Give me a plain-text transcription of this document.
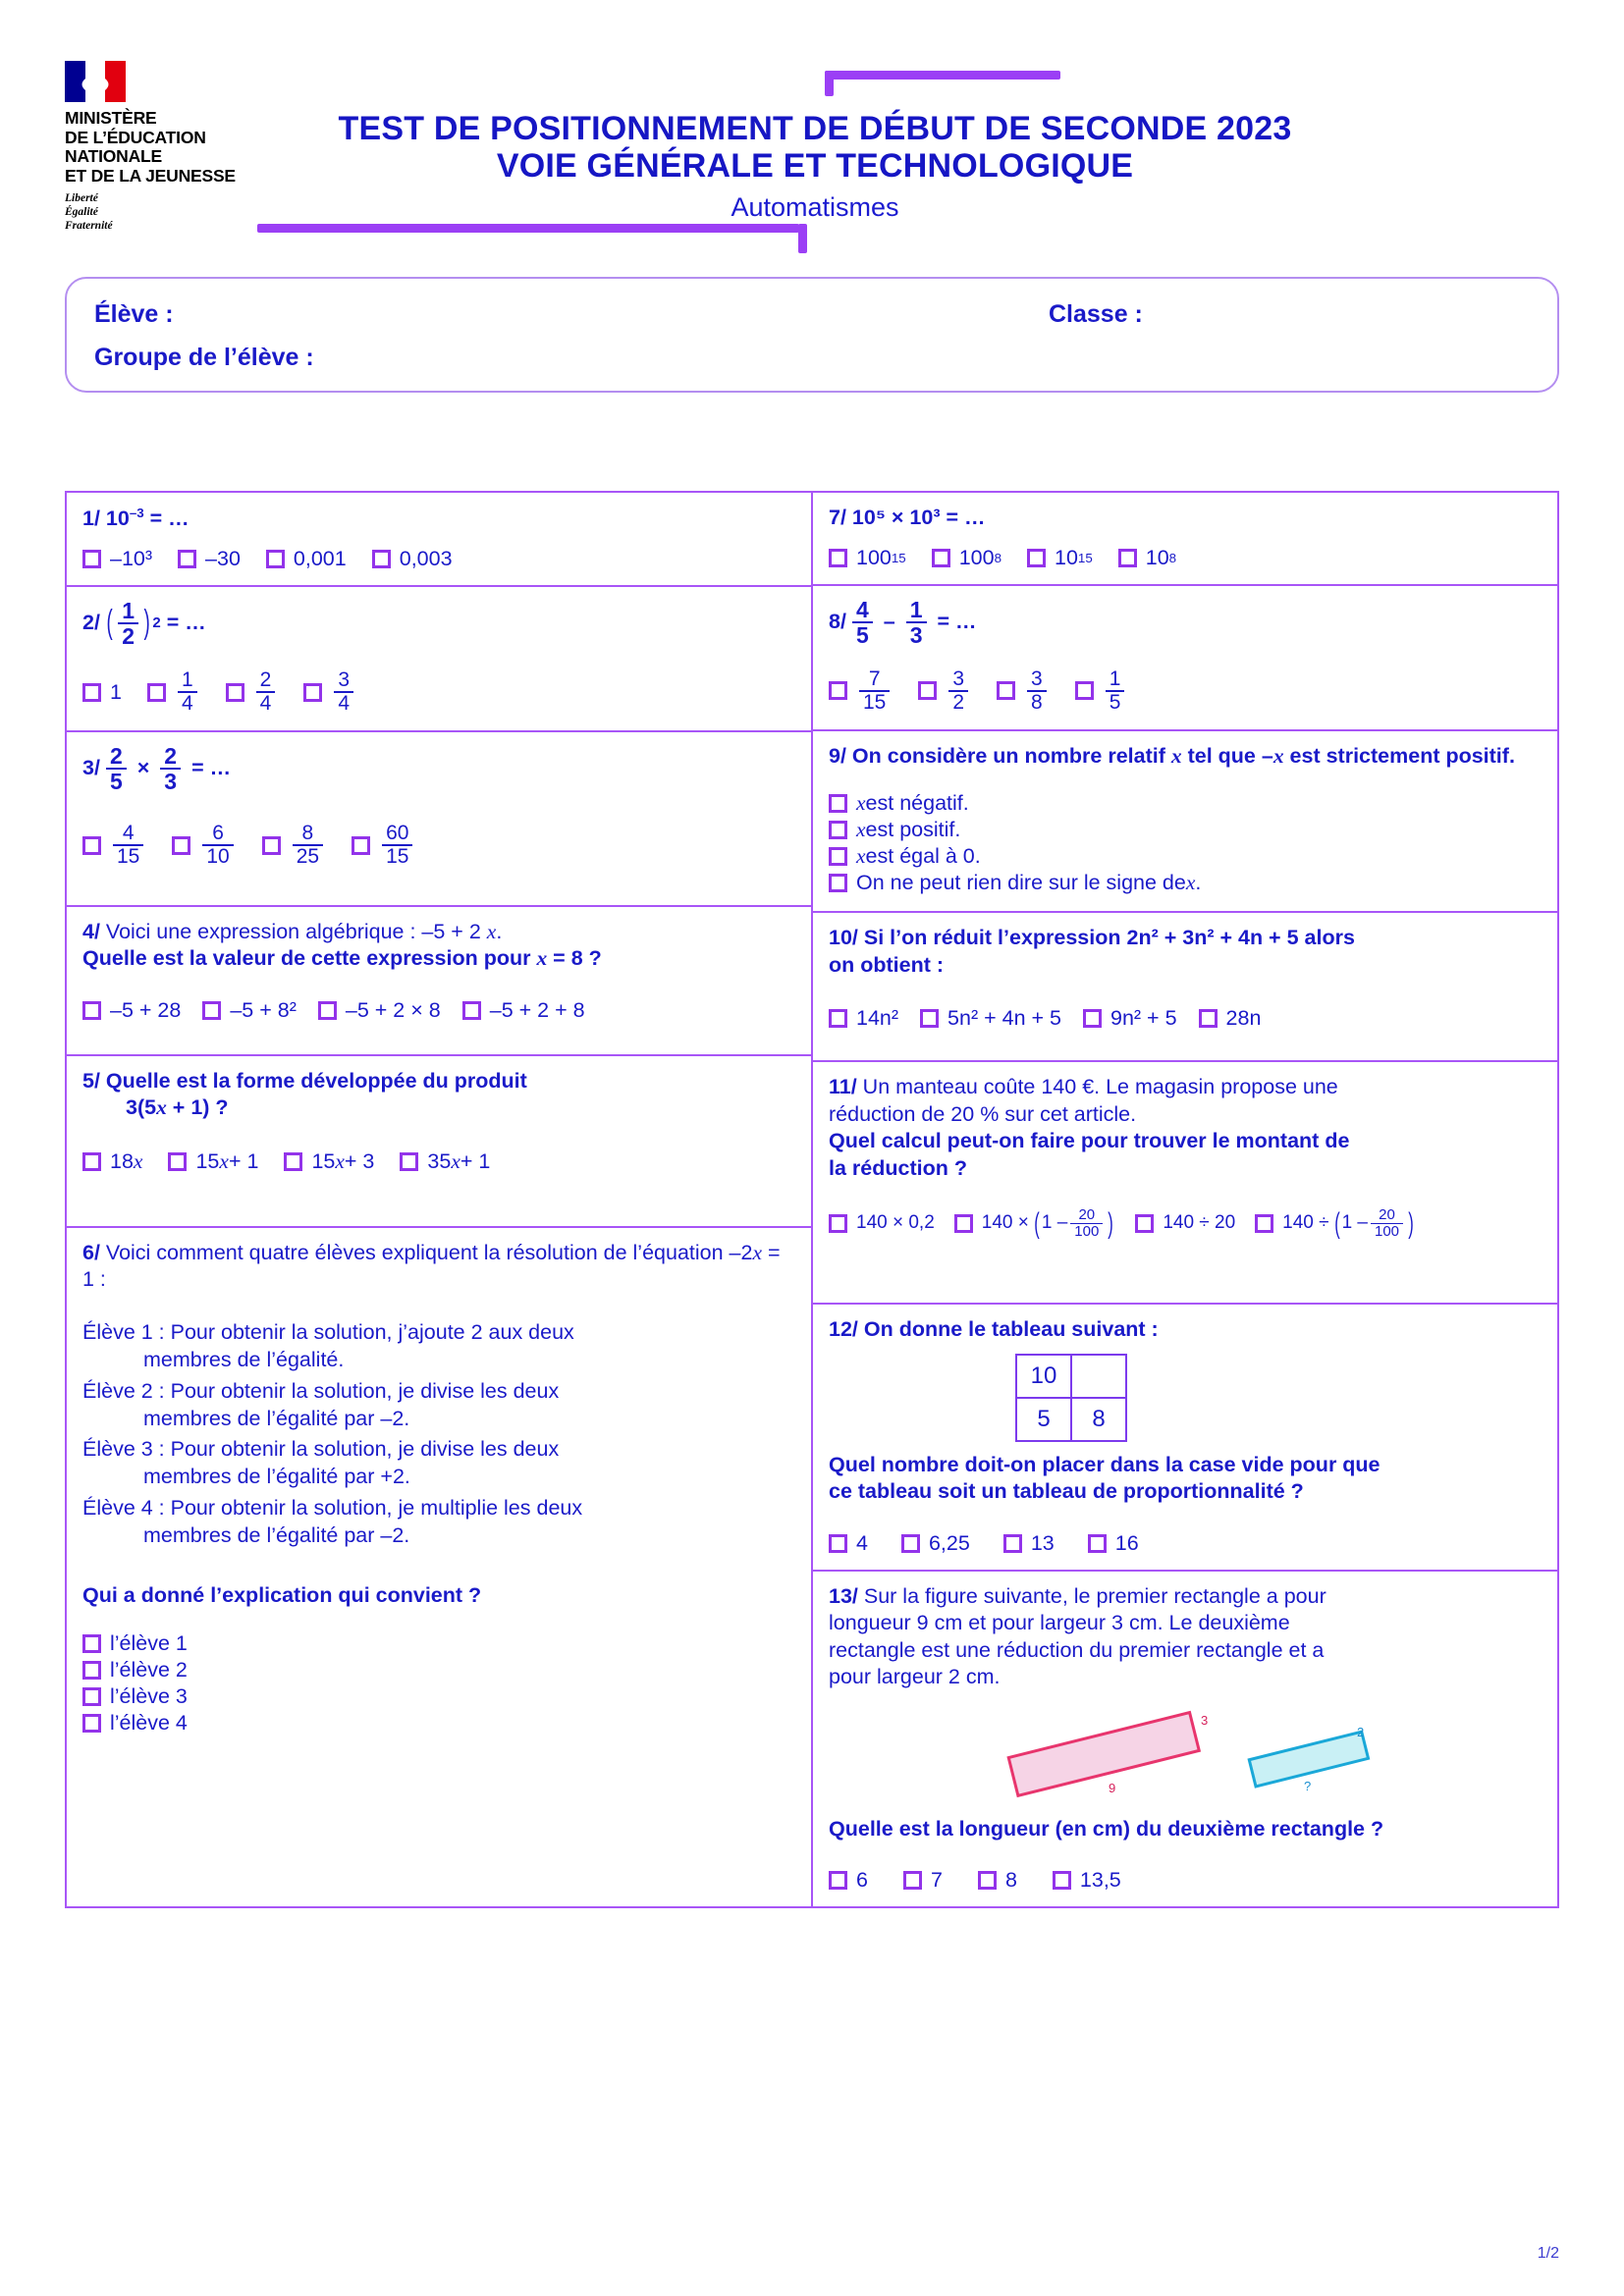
MINISTÈRE
DE L’ÉDUCATION
NATIONALE
ET DE LA JEUNESSE
Liberté
Égalité
Fraternité
TEST DE POSITIONNEMENT DE DÉBUT DE SECONDE 2023
VOIE GÉNÉRALE ET TECHNOLOGIQUE
Automatismes
Élève :
Groupe de l’élève :
Classe :
1/ $10^{-3}$ = …
–10³	–30	0,001	0,003
2/ ( $\frac{1}{2}$ ) 2 = …
1	$\frac{1}{4}$	$\frac{2}{4}$	$\frac{3}{4}$
$3/ \frac{2}{5} \times \frac{2}{3}$ = …
$\frac{4}{15}$	$\frac{6}{10}$	$\frac{8}{25}$	$\frac{60}{15}$
4/ Voici une expression algébrique : –5 + 2 x.
Quelle est la valeur de cette expression pour x = 8 ?
–5 + 28 –5 + 8² –5 + 2 × 8 –5 + 2 + 8
5/ Quelle est la forme développée du produit
3(5x + 1) ?
18 x	15 x + 1	15 x + 3	35 x + 1
6/ Voici comment quatre élèves expliquent la résolution de l’équation –2x = 1 :
Élève 1 : Pour obtenir la solution, j’ajoute 2 aux deux
membres de l’égalité.
Élève 2 : Pour obtenir la solution, je divise les deux
membres de l’égalité par –2.
Élève 3 : Pour obtenir la solution, je divise les deux
membres de l’égalité par +2.
Élève 4 : Pour obtenir la solution, je multiplie les deux
membres de l’égalité par –2.
Qui a donné l’explication qui convient ?
l’élève 1
l’élève 2
l’élève 3
l’élève 4
7/ 10⁵ × 10³ = …
100 15	100 8	10 15	10 8
$8/ \frac{4}{5} - \frac{1}{3}$ = …
$\frac{7}{15}$	$\frac{3}{2}$	$\frac{3}{8}$	$\frac{1}{5}$
9/ On considère un nombre relatif x tel que –x est strictement positif.
x est négatif.
x est positif.
x est égal à 0.
On ne peut rien dire sur le signe de x .
10/ Si l’on réduit l’expression 2n² + 3n² + 4n + 5 alors
on obtient :
14n² 5n² + 4n + 5 9n² + 5 28n
11/ Un manteau coûte 140 €. Le magasin propose une
réduction de 20 % sur cet article.
Quel calcul peut-on faire pour trouver le montant de
la réduction ?
140 × 0,2	140 × ( $1 - \frac{20}{100}$ )	140 ÷ 20	140 ÷ ( $1 - \frac{20}{100}$ )
12/ On donne le tableau suivant :
10	
5	8
Quel nombre doit-on placer dans la case vide pour que
ce tableau soit un tableau de proportionnalité ?
4	6,25	13	16
13/ Sur la figure suivante, le premier rectangle a pour
longueur 9 cm et pour largeur 3 cm. Le deuxième
rectangle est une réduction du premier rectangle et a
pour largeur 2 cm.
3
9
2
?
Quelle est la longueur (en cm) du deuxième rectangle ?
6	7	8	13,5
1/2
